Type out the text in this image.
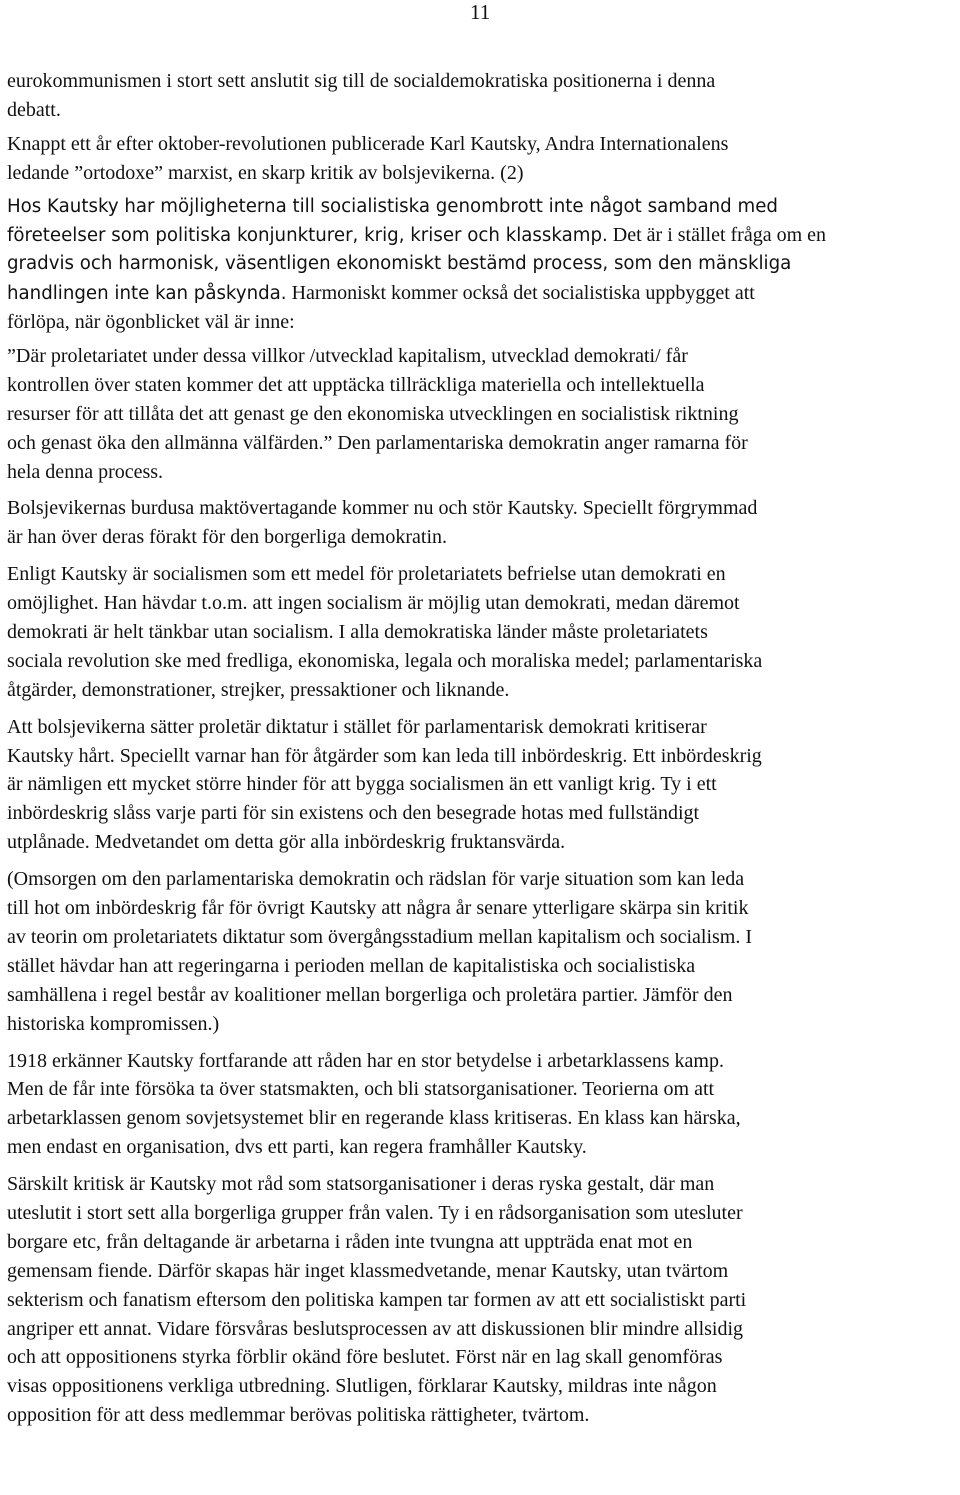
11
eurokommunismen i stort sett anslutit sig till de socialdemokratiska positionerna i denna
debatt.
Knappt ett år efter oktober-revolutionen publicerade Karl Kautsky, Andra Internationalens
ledande ”ortodoxe” marxist, en skarp kritik av bolsjevikerna. (2)
Hos Kautsky har möjligheterna till socialistiska genombrott inte något samband med
företeelser som politiska konjunkturer, krig, kriser och klasskamp. Det är i stället fråga om en
gradvis och harmonisk, väsentligen ekonomiskt bestämd process, som den mänskliga
handlingen inte kan påskynda. Harmoniskt kommer också det socialistiska uppbygget att
förlöpa, när ögonblicket väl är inne:
”Där proletariatet under dessa villkor /utvecklad kapitalism, utvecklad demokrati/ får
kontrollen över staten kommer det att upptäcka tillräckliga materiella och intellektuella
resurser för att tillåta det att genast ge den ekonomiska utvecklingen en socialistisk riktning
och genast öka den allmänna välfärden.” Den parlamentariska demokratin anger ramarna för
hela denna process.
Bolsjevikernas burdusa maktövertagande kommer nu och stör Kautsky. Speciellt förgrymmad
är han över deras förakt för den borgerliga demokratin.
Enligt Kautsky är socialismen som ett medel för proletariatets befrielse utan demokrati en
omöjlighet. Han hävdar t.o.m. att ingen socialism är möjlig utan demokrati, medan däremot
demokrati är helt tänkbar utan socialism. I alla demokratiska länder måste proletariatets
sociala revolution ske med fredliga, ekonomiska, legala och moraliska medel; parlamentariska
åtgärder, demonstrationer, strejker, pressaktioner och liknande.
Att bolsjevikerna sätter proletär diktatur i stället för parlamentarisk demokrati kritiserar
Kautsky hårt. Speciellt varnar han för åtgärder som kan leda till inbördeskrig. Ett inbördeskrig
är nämligen ett mycket större hinder för att bygga socialismen än ett vanligt krig. Ty i ett
inbördeskrig slåss varje parti för sin existens och den besegrade hotas med fullständigt
utplånade. Medvetandet om detta gör alla inbördeskrig fruktansvärda.
(Omsorgen om den parlamentariska demokratin och rädslan för varje situation som kan leda
till hot om inbördeskrig får för övrigt Kautsky att några år senare ytterligare skärpa sin kritik
av teorin om proletariatets diktatur som övergångsstadium mellan kapitalism och socialism. I
stället hävdar han att regeringarna i perioden mellan de kapitalistiska och socialistiska
samhällena i regel består av koalitioner mellan borgerliga och proletära partier. Jämför den
historiska kompromissen.)
1918 erkänner Kautsky fortfarande att råden har en stor betydelse i arbetarklassens kamp.
Men de får inte försöka ta över statsmakten, och bli statsorganisationer. Teorierna om att
arbetarklassen genom sovjetsystemet blir en regerande klass kritiseras. En klass kan härska,
men endast en organisation, dvs ett parti, kan regera framhåller Kautsky.
Särskilt kritisk är Kautsky mot råd som statsorganisationer i deras ryska gestalt, där man
uteslutit i stort sett alla borgerliga grupper från valen. Ty i en rådsorganisation som utesluter
borgare etc, från deltagande är arbetarna i råden inte tvungna att uppträda enat mot en
gemensam fiende. Därför skapas här inget klassmedvetande, menar Kautsky, utan tvärtom
sekterism och fanatism eftersom den politiska kampen tar formen av att ett socialistiskt parti
angriper ett annat. Vidare försvåras beslutsprocessen av att diskussionen blir mindre allsidig
och att oppositionens styrka förblir okänd före beslutet. Först när en lag skall genomföras
visas oppositionens verkliga utbredning. Slutligen, förklarar Kautsky, mildras inte någon
opposition för att dess medlemmar berövas politiska rättigheter, tvärtom.
